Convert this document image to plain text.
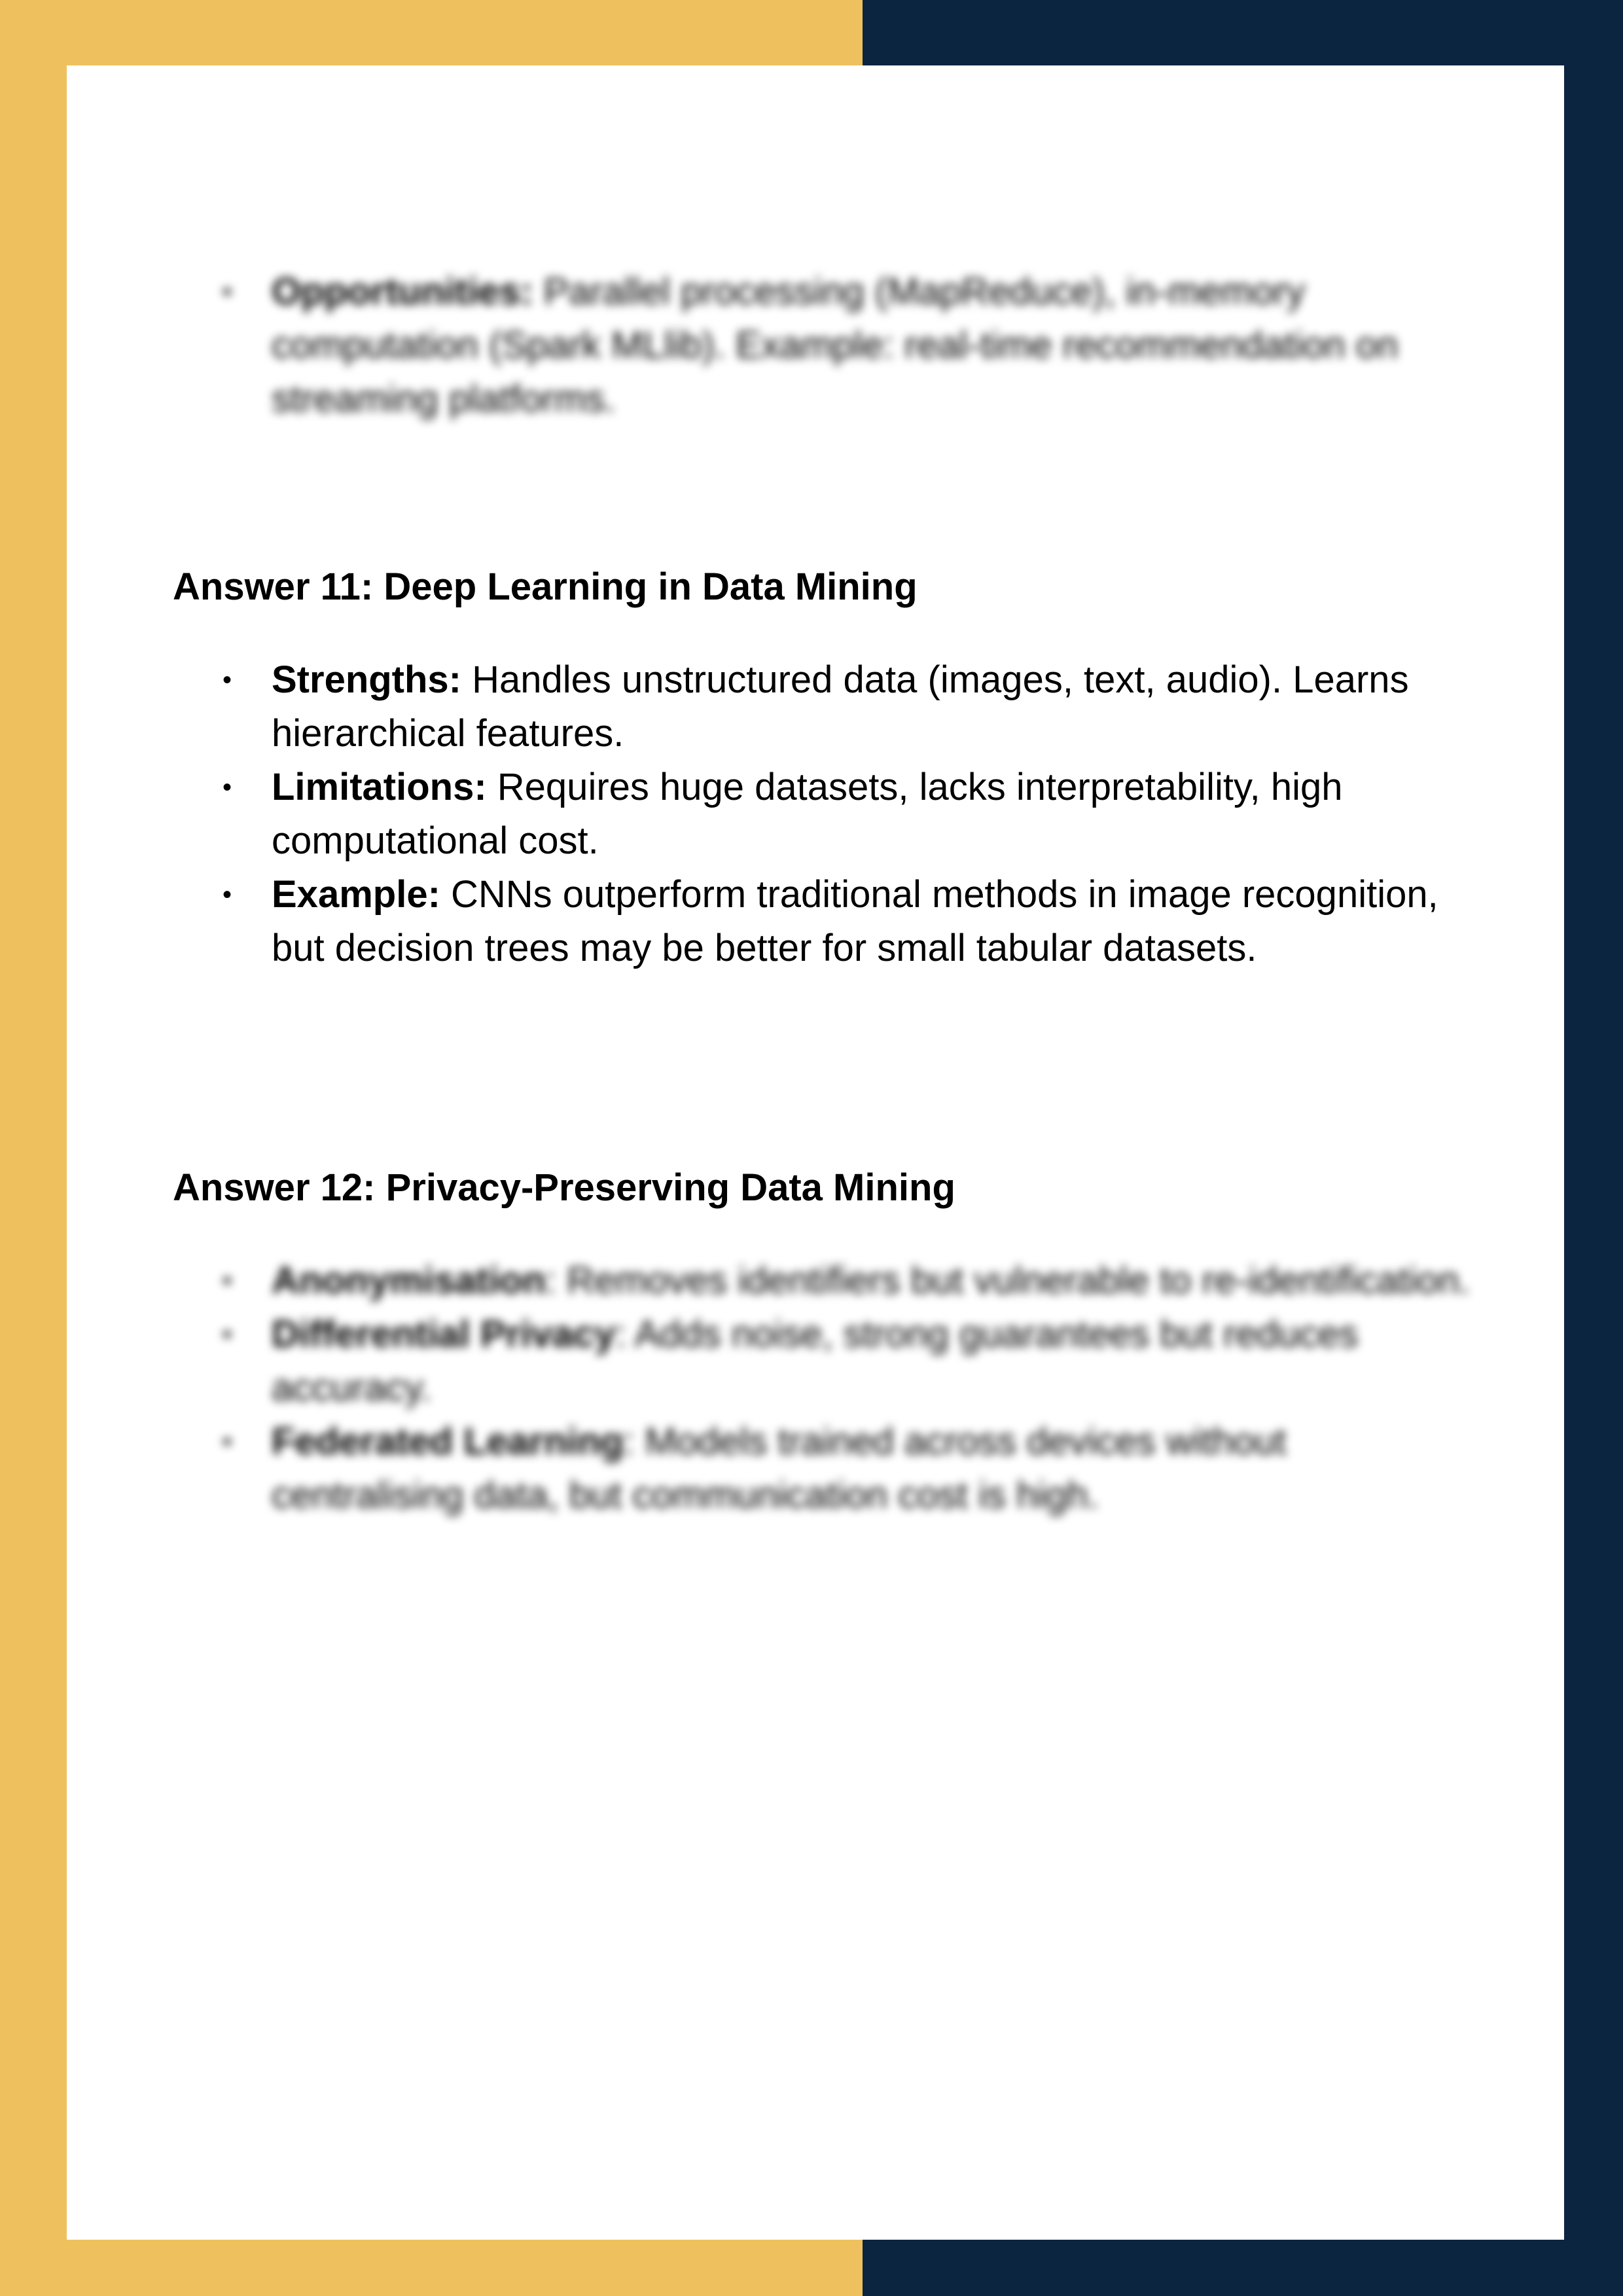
• Opportunities: Parallel processing (MapReduce), in-memory computation (Spark MLlib). Example: real-time recommendation on streaming platforms.
Answer 11: Deep Learning in Data Mining
• Strengths: Handles unstructured data (images, text, audio). Learns hierarchical features.
• Limitations: Requires huge datasets, lacks interpretability, high computational cost.
• Example: CNNs outperform traditional methods in image recognition, but decision trees may be better for small tabular datasets.
Answer 12: Privacy-Preserving Data Mining
• Anonymisation: Removes identifiers but vulnerable to re-identification.
• Differential Privacy: Adds noise, strong guarantees but reduces accuracy.
• Federated Learning: Models trained across devices without centralising data, but communication cost is high.
